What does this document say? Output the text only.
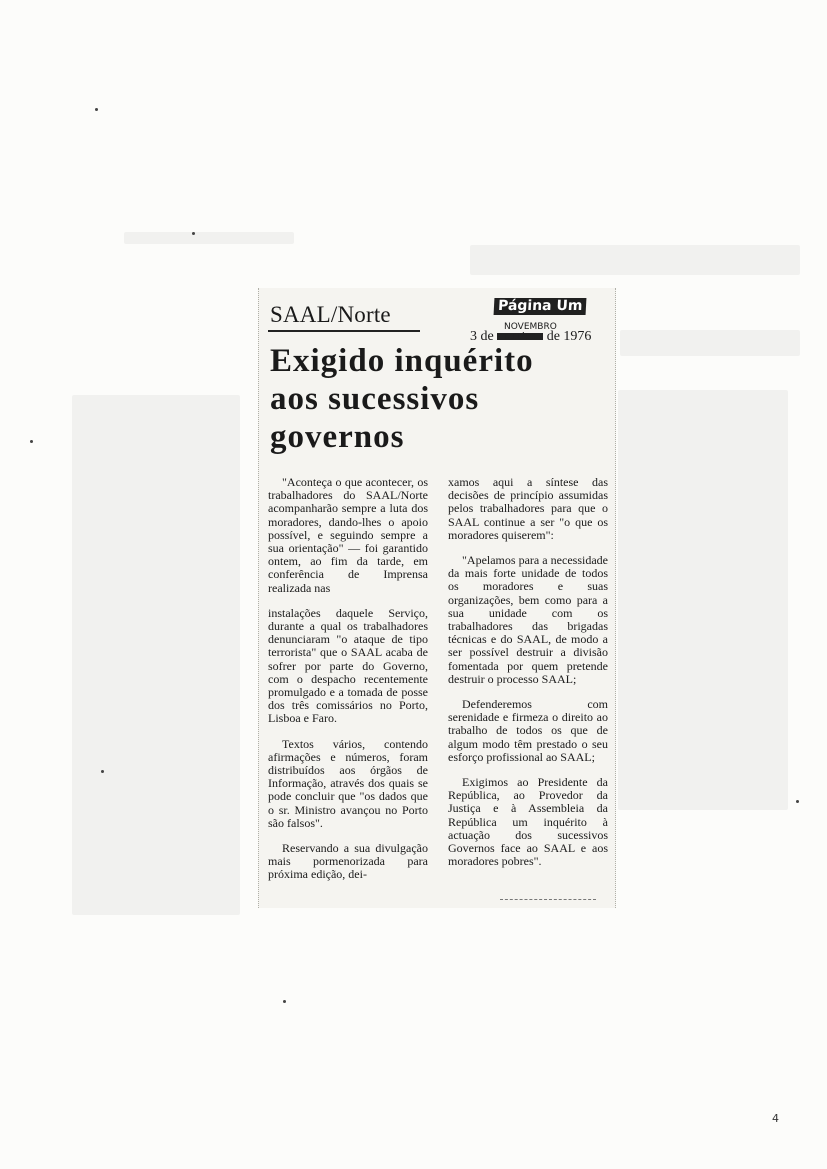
SAAL/Norte	Página Um
3 de
NOVEMBRO
outubro de 1976
Exigido inquérito
aos sucessivos
governos

"Aconteça o que acontecer, os trabalhadores do SAAL/Norte acompanharão sempre a luta dos moradores, dando-lhes o apoio possível, e seguindo sempre a sua orientação" — foi garantido ontem, ao fim da tarde, em conferência de Imprensa realizada nas

instalações daquele Serviço, durante a qual os trabalhadores denunciaram "o ataque de tipo terrorista" que o SAAL acaba de sofrer por parte do Governo, com o despacho recentemente promulgado e a tomada de posse dos três comissários no Porto, Lisboa e Faro.

Textos vários, contendo afirmações e números, foram distribuídos aos órgãos de Informação, através dos quais se pode concluir que "os dados que o sr. Ministro avançou no Porto são falsos".

Reservando a sua divulgação mais pormenorizada para próxima edição, dei-

xamos aqui a síntese das decisões de princípio assumidas pelos trabalhadores para que o SAAL continue a ser "o que os moradores quiserem":

"Apelamos para a necessidade da mais forte unidade de todos os moradores e suas organizações, bem como para a sua unidade com os trabalhadores das brigadas técnicas e do SAAL, de modo a ser possível destruir a divisão fomentada por quem pretende destruir o processo SAAL;

Defenderemos com serenidade e firmeza o direito ao trabalho de todos os que de algum modo têm prestado o seu esforço profissional ao SAAL;

Exigimos ao Presidente da República, ao Provedor da Justiça e à Assembleia da República um inquérito à actuação dos sucessivos Governos face ao SAAL e aos moradores pobres".

4
